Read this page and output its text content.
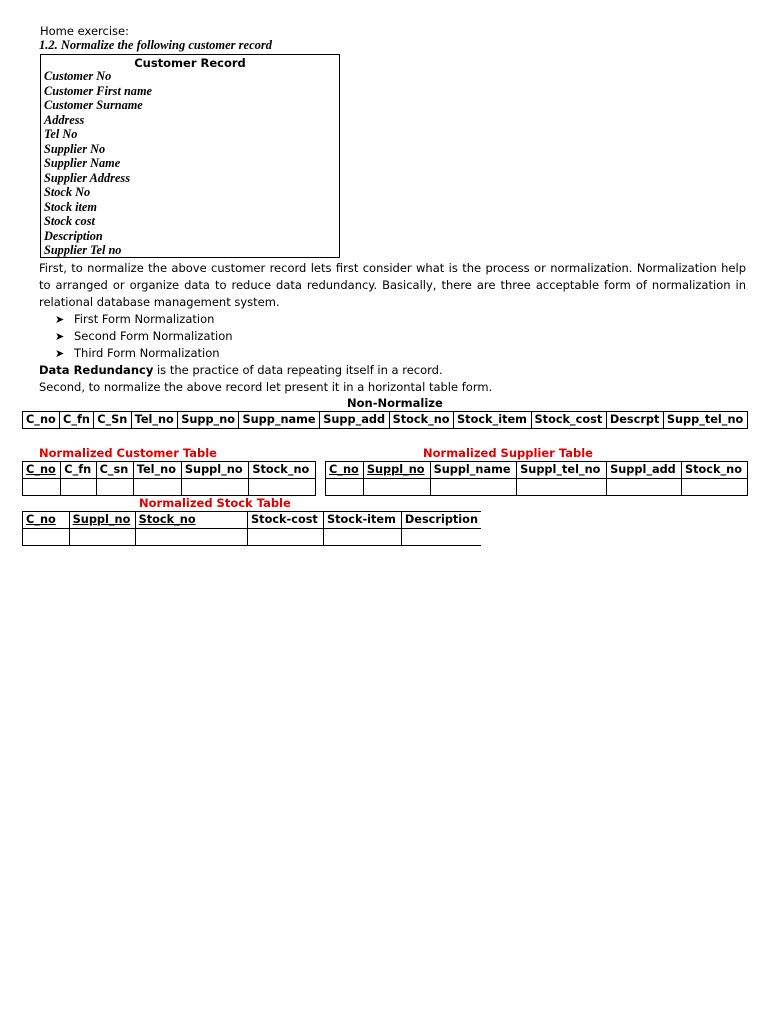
Home exercise:
1.2. Normalize the following customer record
Customer Record
Customer No
Customer First name
Customer Surname
Address
Tel No
Supplier No
Supplier Name
Supplier Address
Stock No
Stock item
Stock cost
Description
Supplier Tel no
First, to normalize the above customer record lets first consider what is the process or normalization. Normalization help to arranged or organize data to reduce data redundancy. Basically, there are three acceptable form of normalization in relational database management system.
➤ First Form Normalization
➤ Second Form Normalization
➤ Third Form Normalization
Data Redundancy is the practice of data repeating itself in a record.
Second, to normalize the above record let present it in a horizontal table form.
Non-Normalize
C_no	C_fn	C_Sn	Tel_no	Supp_no	Supp_name	Supp_add	Stock_no	Stock_item	Stock_cost	Descrpt	Supp_tel_no
Normalized Customer Table	Normalized Supplier Table
C_no	C_fn	C_sn	Tel_no	Suppl_no	Stock_no
					C_no	Suppl_no	Suppl_name	Suppl_tel_no	Suppl_add	Stock_no

Normalized Stock Table
C_no	Suppl_no	Stock_no	Stock-cost	Stock-item	Description
